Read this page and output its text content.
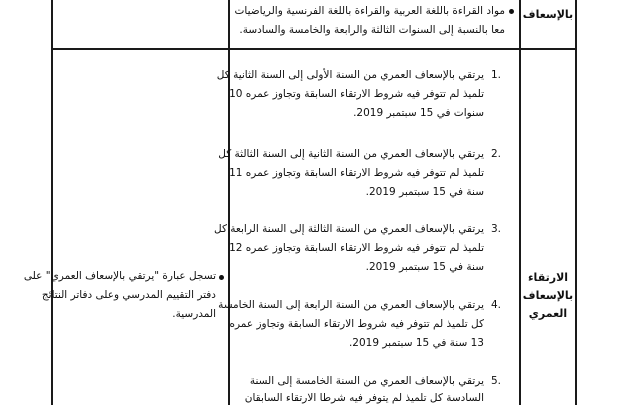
بالإسعاف
مواد القراءة باللغة العربية والقراءة باللغة الفرنسية والرياضيات
معا بالنسبة إلى السنوات الثالثة والرابعة والخامسة والسادسة.
الارتقاء
بالإسعاف
العمري
1.
يرتقي بالإسعاف العمري من السنة الأولى إلى السنة الثانية كل
تلميذ لم تتوفر فيه شروط الارتقاء السابقة وتجاوز عمره 10
سنوات في 15 سبتمبر 2019.
2.
يرتقي بالإسعاف العمري من السنة الثانية إلى السنة الثالثة كل
تلميذ لم تتوفر فيه شروط الارتقاء السابقة وتجاوز عمره 11
سنة في 15 سبتمبر 2019.
3.
يرتقي بالإسعاف العمري من السنة الثالثة إلى السنة الرابعة كل
تلميذ لم تتوفر فيه شروط الارتقاء السابقة وتجاوز عمره 12
سنة في 15 سبتمبر 2019.
4.
يرتقي بالإسعاف العمري من السنة الرابعة إلى السنة الخامسة
كل تلميذ لم تتوفر فيه شروط الارتقاء السابقة وتجاوز عمره
13 سنة في 15 سبتمبر 2019.
5.
يرتقي بالإسعاف العمري من السنة الخامسة إلى السنة
السادسة كل تلميذ لم يتوفر فيه شرطا الارتقاء السابقان
تسجل عبارة "يرتقي بالإسعاف العمري" على
دفتر التقييم المدرسي وعلى دفاتر النتائج
المدرسية.
